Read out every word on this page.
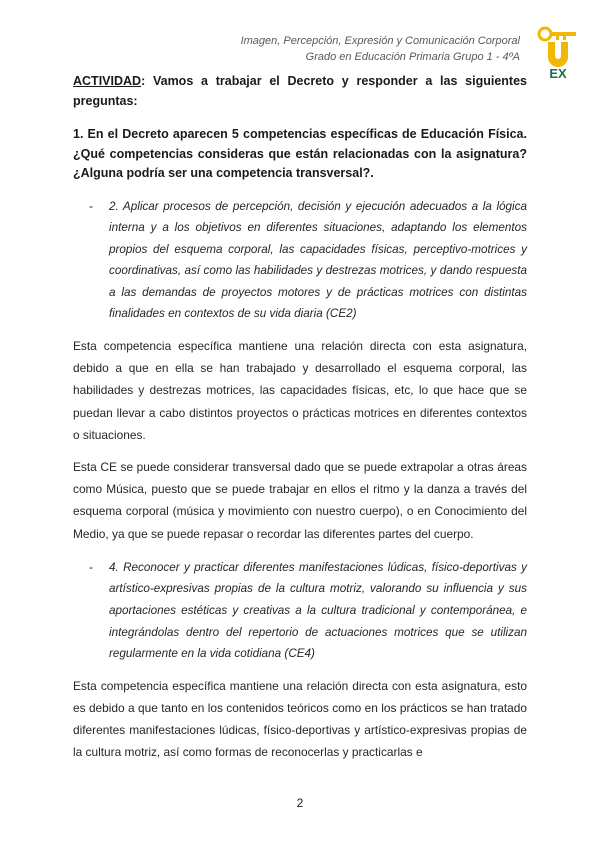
Imagen, Percepción, Expresión y Comunicación Corporal
Grado en Educación Primaria Grupo 1 - 4ºA
EX

ACTIVIDAD: Vamos a trabajar el Decreto y responder a las siguientes preguntas:

1. En el Decreto aparecen 5 competencias específicas de Educación Física. ¿Qué competencias consideras que están relacionadas con la asignatura? ¿Alguna podría ser una competencia transversal?.

- 2. Aplicar procesos de percepción, decisión y ejecución adecuados a la lógica interna y a los objetivos en diferentes situaciones, adaptando los elementos propios del esquema corporal, las capacidades físicas, perceptivo-motrices y coordinativas, así como las habilidades y destrezas motrices, y dando respuesta a las demandas de proyectos motores y de prácticas motrices con distintas finalidades en contextos de su vida diaria (CE2)

Esta competencia específica mantiene una relación directa con esta asignatura, debido a que en ella se han trabajado y desarrollado el esquema corporal, las habilidades y destrezas motrices, las capacidades físicas, etc, lo que hace que se puedan llevar a cabo distintos proyectos o prácticas motrices en diferentes contextos o situaciones.

Esta CE se puede considerar transversal dado que se puede extrapolar a otras áreas como Música, puesto que se puede trabajar en ellos el ritmo y la danza a través del esquema corporal (música y movimiento con nuestro cuerpo), o en Conocimiento del Medio, ya que se puede repasar o recordar las diferentes partes del cuerpo.

- 4. Reconocer y practicar diferentes manifestaciones lúdicas, físico-deportivas y artístico-expresivas propias de la cultura motriz, valorando su influencia y sus aportaciones estéticas y creativas a la cultura tradicional y contemporánea, e integrándolas dentro del repertorio de actuaciones motrices que se utilizan regularmente en la vida cotidiana (CE4)

Esta competencia específica mantiene una relación directa con esta asignatura, esto es debido a que tanto en los contenidos teóricos como en los prácticos se han tratado diferentes manifestaciones lúdicas, físico-deportivas y artístico-expresivas propias de la cultura motriz, así como formas de reconocerlas y practicarlas e

2
